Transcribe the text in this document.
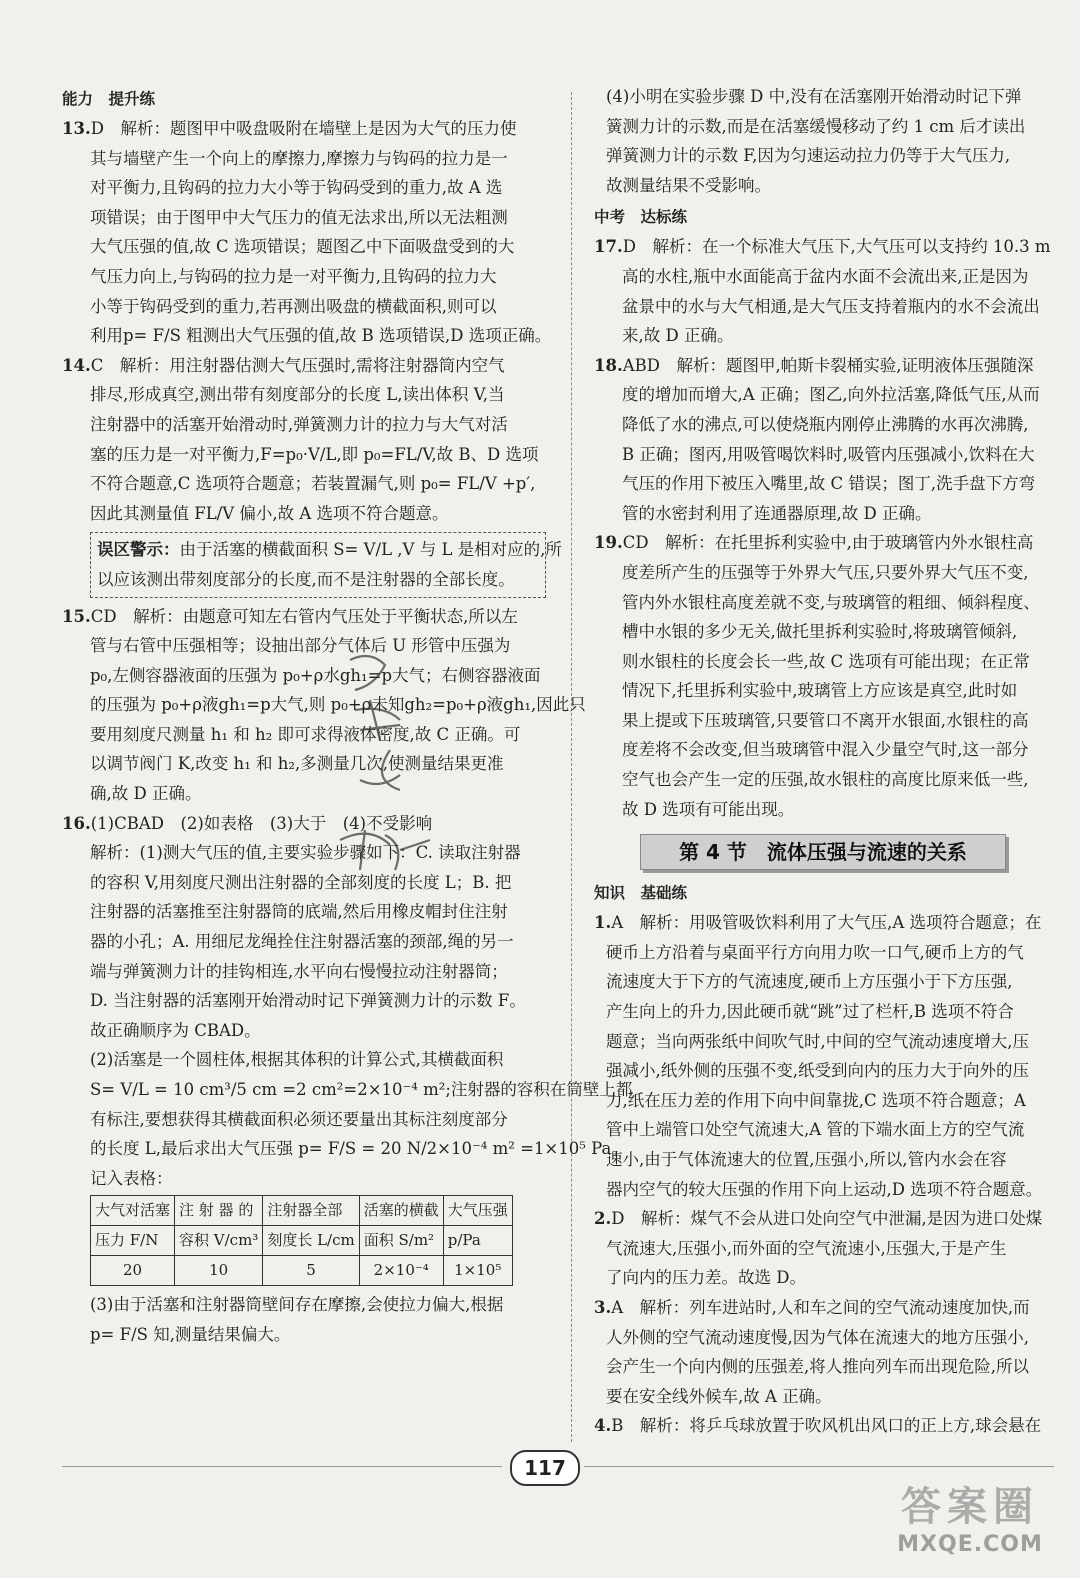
能力　提升练
13.D　解析：题图甲中吸盘吸附在墙壁上是因为大气的压力使
其与墙壁产生一个向上的摩擦力,摩擦力与钩码的拉力是一
对平衡力,且钩码的拉力大小等于钩码受到的重力,故 A 选
项错误；由于图甲中大气压力的值无法求出,所以无法粗测
大气压强的值,故 C 选项错误；题图乙中下面吸盘受到的大
气压力向上,与钩码的拉力是一对平衡力,且钩码的拉力大
小等于钩码受到的重力,若再测出吸盘的横截面积,则可以
利用p= F/S 粗测出大气压强的值,故 B 选项错误,D 选项正确。
14.C　解析：用注射器估测大气压强时,需将注射器筒内空气
排尽,形成真空,测出带有刻度部分的长度 L,读出体积 V,当
注射器中的活塞开始滑动时,弹簧测力计的拉力与大气对活
塞的压力是一对平衡力,F=p₀·V/L,即 p₀=FL/V,故 B、D 选项
不符合题意,C 选项符合题意；若装置漏气,则 p₀= FL/V +p′,
因此其测量值 FL/V 偏小,故 A 选项不符合题意。
误区警示：由于活塞的横截面积 S= V/L ,V 与 L 是相对应的,所
以应该测出带刻度部分的长度,而不是注射器的全部长度。
15.CD　解析：由题意可知左右管内气压处于平衡状态,所以左
管与右管中压强相等；设抽出部分气体后 U 形管中压强为
p₀,左侧容器液面的压强为 p₀+ρ水gh₁=p大气；右侧容器液面
的压强为 p₀+ρ液gh₁=p大气,则 p₀+ρ未知gh₂=p₀+ρ液gh₁,因此只
要用刻度尺测量 h₁ 和 h₂ 即可求得液体密度,故 C 正确。可
以调节阀门 K,改变 h₁ 和 h₂,多测量几次,使测量结果更准
确,故 D 正确。
16.(1)CBAD　(2)如表格　(3)大于　(4)不受影响
解析：(1)测大气压的值,主要实验步骤如下：C. 读取注射器
的容积 V,用刻度尺测出注射器的全部刻度的长度 L；B. 把
注射器的活塞推至注射器筒的底端,然后用橡皮帽封住注射
器的小孔；A. 用细尼龙绳拴住注射器活塞的颈部,绳的另一
端与弹簧测力计的挂钩相连,水平向右慢慢拉动注射器筒；
D. 当注射器的活塞刚开始滑动时记下弹簧测力计的示数 F。
故正确顺序为 CBAD。
(2)活塞是一个圆柱体,根据其体积的计算公式,其横截面积
S= V/L = 10 cm³/5 cm =2 cm²=2×10⁻⁴ m²;注射器的容积在筒壁上都
有标注,要想获得其横截面积必须还要量出其标注刻度部分
的长度 L,最后求出大气压强 p= F/S = 20 N/2×10⁻⁴ m² =1×10⁵ Pa。
记入表格：
大气对活塞	注 射 器 的	注射器全部	活塞的横截	大气压强
压力 F/N	容积 V/cm³	刻度长 L/cm	面积 S/m²	p/Pa
20	10	5	2×10⁻⁴	1×10⁵
(3)由于活塞和注射器筒壁间存在摩擦,会使拉力偏大,根据
p= F/S 知,测量结果偏大。
(4)小明在实验步骤 D 中,没有在活塞刚开始滑动时记下弹
簧测力计的示数,而是在活塞缓慢移动了约 1 cm 后才读出
弹簧测力计的示数 F,因为匀速运动拉力仍等于大气压力,
故测量结果不受影响。
中考　达标练
17.D　解析：在一个标准大气压下,大气压可以支持约 10.3 m
高的水柱,瓶中水面能高于盆内水面不会流出来,正是因为
盆景中的水与大气相通,是大气压支持着瓶内的水不会流出
来,故 D 正确。
18.ABD　解析：题图甲,帕斯卡裂桶实验,证明液体压强随深
度的增加而增大,A 正确；图乙,向外拉活塞,降低气压,从而
降低了水的沸点,可以使烧瓶内刚停止沸腾的水再次沸腾,
B 正确；图丙,用吸管喝饮料时,吸管内压强减小,饮料在大
气压的作用下被压入嘴里,故 C 错误；图丁,洗手盘下方弯
管的水密封利用了连通器原理,故 D 正确。
19.CD　解析：在托里拆利实验中,由于玻璃管内外水银柱高
度差所产生的压强等于外界大气压,只要外界大气压不变,
管内外水银柱高度差就不变,与玻璃管的粗细、倾斜程度、
槽中水银的多少无关,做托里拆利实验时,将玻璃管倾斜,
则水银柱的长度会长一些,故 C 选项有可能出现；在正常
情况下,托里拆利实验中,玻璃管上方应该是真空,此时如
果上提或下压玻璃管,只要管口不离开水银面,水银柱的高
度差将不会改变,但当玻璃管中混入少量空气时,这一部分
空气也会产生一定的压强,故水银柱的高度比原来低一些,
故 D 选项有可能出现。
第 4 节　流体压强与流速的关系
知识　基础练
1.A　解析：用吸管吸饮料利用了大气压,A 选项符合题意；在
硬币上方沿着与桌面平行方向用力吹一口气,硬币上方的气
流速度大于下方的气流速度,硬币上方压强小于下方压强,
产生向上的升力,因此硬币就“跳”过了栏杆,B 选项不符合
题意；当向两张纸中间吹气时,中间的空气流动速度增大,压
强减小,纸外侧的压强不变,纸受到向内的压力大于向外的压
力,纸在压力差的作用下向中间靠拢,C 选项不符合题意；A
管中上端管口处空气流速大,A 管的下端水面上方的空气流
速小,由于气体流速大的位置,压强小,所以,管内水会在容
器内空气的较大压强的作用下向上运动,D 选项不符合题意。
2.D　解析：煤气不会从进口处向空气中泄漏,是因为进口处煤
气流速大,压强小,而外面的空气流速小,压强大,于是产生
了向内的压力差。故选 D。
3.A　解析：列车进站时,人和车之间的空气流动速度加快,而
人外侧的空气流动速度慢,因为气体在流速大的地方压强小,
会产生一个向内侧的压强差,将人推向列车而出现危险,所以
要在安全线外候车,故 A 正确。
4.B　解析：将乒乓球放置于吹风机出风口的正上方,球会悬在
117
答案圈
MXQE.COM
